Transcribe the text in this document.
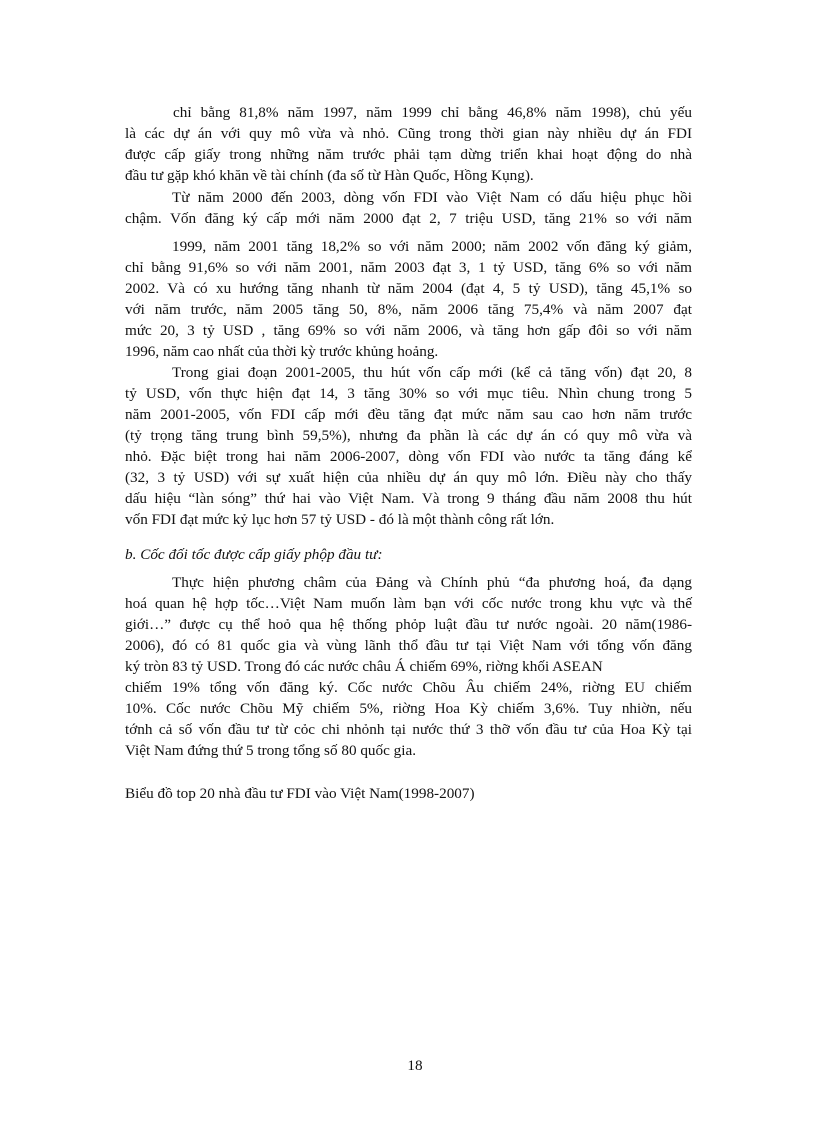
chỉ bằng 81,8% năm 1997, năm 1999 chỉ bằng 46,8% năm 1998), chủ yếu
là các dự án với quy mô vừa và nhỏ. Cũng trong thời gian này nhiều dự án FDI
được cấp giấy trong những năm trước phải tạm dừng triển khai hoạt động do nhà
đầu tư gặp khó khăn về tài chính (đa số từ Hàn Quốc, Hồng Kụng).
Từ năm 2000 đến 2003, dòng vốn FDI vào Việt Nam có dấu hiệu phục hồi
chậm. Vốn đăng ký cấp mới năm 2000 đạt 2, 7 triệu USD, tăng 21% so với năm
1999, năm 2001 tăng 18,2% so với năm 2000; năm 2002 vốn đăng ký giảm,
chỉ bằng 91,6% so với năm 2001, năm 2003 đạt 3, 1 tỷ USD, tăng 6% so với năm
2002. Và có xu hướng tăng nhanh từ năm 2004 (đạt 4, 5 tỷ USD), tăng 45,1% so
với năm trước, năm 2005 tăng 50, 8%, năm 2006 tăng 75,4% và năm 2007 đạt
mức 20, 3 tỷ USD , tăng 69% so với năm 2006, và tăng hơn gấp đôi so với năm
1996, năm cao nhất của thời kỳ trước khủng hoảng.
Trong giai đoạn 2001-2005, thu hút vốn cấp mới (kể cả tăng vốn) đạt 20, 8
tỷ USD, vốn thực hiện đạt 14, 3 tăng 30% so với mục tiêu. Nhìn chung trong 5
năm 2001-2005, vốn FDI cấp mới đều tăng đạt mức năm sau cao hơn năm trước
(tỷ trọng tăng trung bình 59,5%), nhưng đa phần là các dự án có quy mô vừa và
nhỏ. Đặc biệt trong hai năm 2006-2007, dòng vốn FDI vào nước ta tăng đáng kể
(32, 3 tỷ USD) với sự xuất hiện của nhiều dự án quy mô lớn. Điều này cho thấy
dấu hiệu “làn sóng” thứ hai vào Việt Nam. Và trong 9 tháng đầu năm 2008 thu hút
vốn FDI đạt mức kỷ lục hơn 57 tỷ USD - đó là một thành công rất lớn.
b. Cốc đối tốc được cấp giấy phộp đầu tư:
Thực hiện phương châm của Đảng và Chính phủ “đa phương hoá, đa dạng
hoá quan hệ hợp tốc…Việt Nam muốn làm bạn với cốc nước trong khu vực và thế
giới…” được cụ thể hoỏ qua hệ thống phỏp luật đầu tư nước ngoài. 20 năm(1986-
2006), đó có 81 quốc gia và vùng lãnh thổ đầu tư tại Việt Nam với tổng vốn đăng
ký tròn 83 tỷ USD. Trong đó các nước châu Á chiếm 69%, riờng khối ASEAN
chiếm 19% tổng vốn đăng ký. Cốc nước Chõu Âu chiếm 24%, riờng EU chiếm
10%. Cốc nước Chõu Mỹ chiếm 5%, riờng Hoa Kỳ chiếm 3,6%. Tuy nhiờn, nếu
tớnh cả số vốn đầu tư từ cỏc chi nhỏnh tại nước thứ 3 thỡ vốn đầu tư của Hoa Kỳ tại
Việt Nam đứng thứ 5 trong tổng số 80 quốc gia.
Biểu đồ top 20 nhà đầu tư FDI vào Việt Nam(1998-2007)
18
